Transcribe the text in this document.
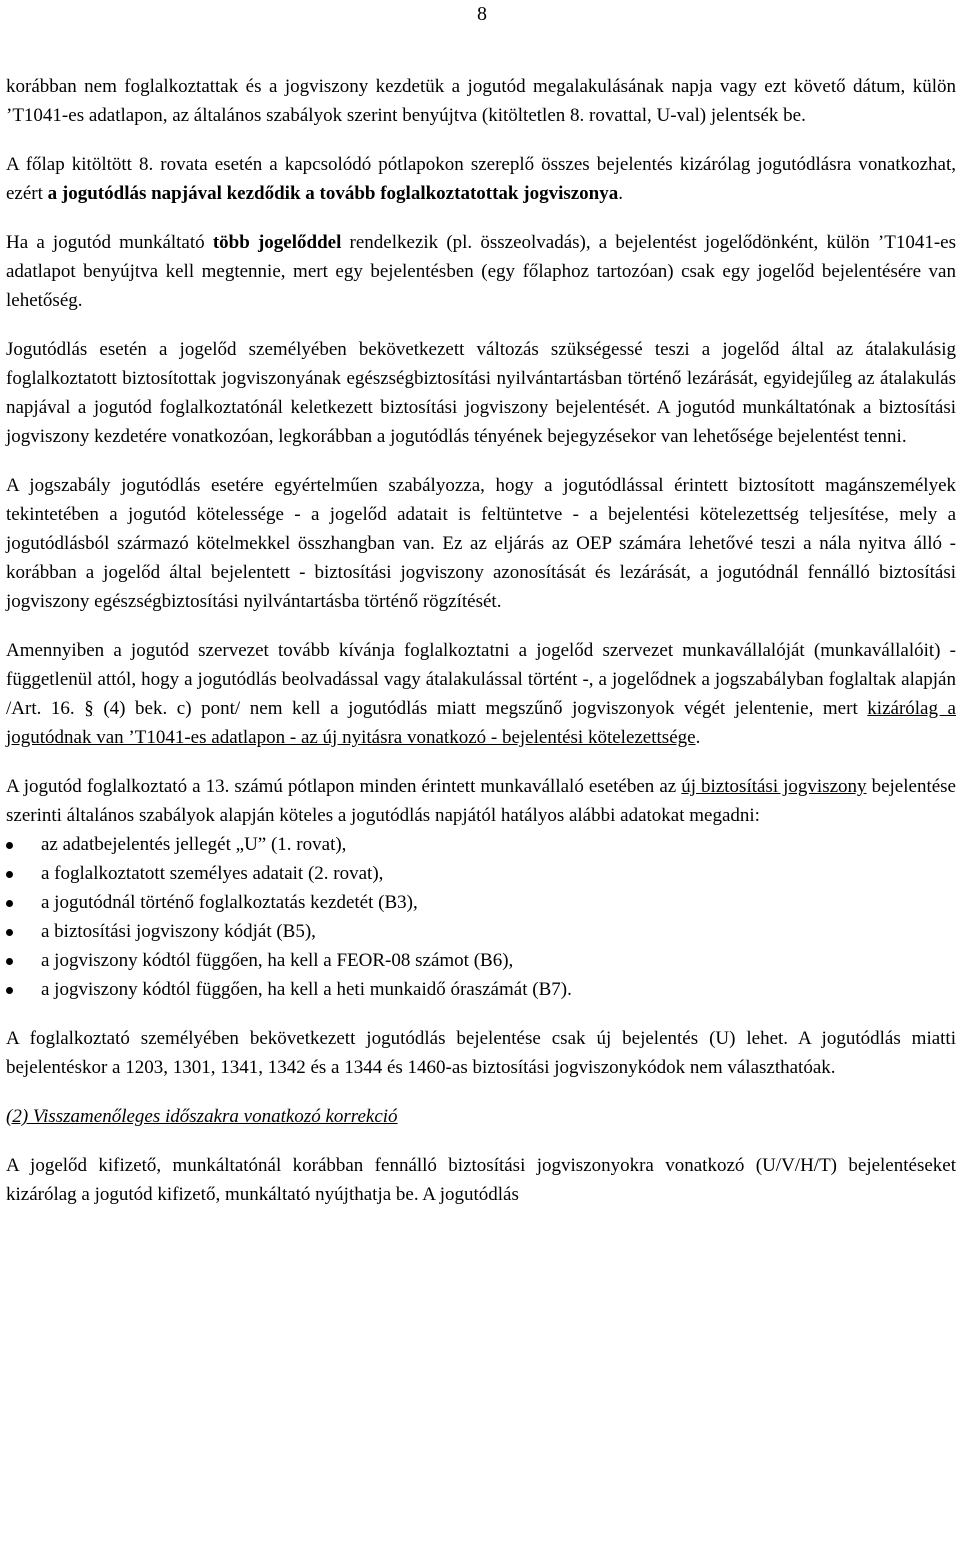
8

korábban nem foglalkoztattak és a jogviszony kezdetük a jogutód megalakulásának napja vagy ezt követő dátum, külön ’T1041-es adatlapon, az általános szabályok szerint benyújtva (kitöltetlen 8. rovattal, U-val) jelentsék be.

A főlap kitöltött 8. rovata esetén a kapcsolódó pótlapokon szereplő összes bejelentés kizárólag jogutódlásra vonatkozhat, ezért a jogutódlás napjával kezdődik a tovább foglalkoztatottak jogviszonya.

Ha a jogutód munkáltató több jogelőddel rendelkezik (pl. összeolvadás), a bejelentést jogelődönként, külön ’T1041-es adatlapot benyújtva kell megtennie, mert egy bejelentésben (egy főlaphoz tartozóan) csak egy jogelőd bejelentésére van lehetőség.

Jogutódlás esetén a jogelőd személyében bekövetkezett változás szükségessé teszi a jogelőd által az átalakulásig foglalkoztatott biztosítottak jogviszonyának egészségbiztosítási nyilvántartásban történő lezárását, egyidejűleg az átalakulás napjával a jogutód foglalkoztatónál keletkezett biztosítási jogviszony bejelentését. A jogutód munkáltatónak a biztosítási jogviszony kezdetére vonatkozóan, legkorábban a jogutódlás tényének bejegyzésekor van lehetősége bejelentést tenni.

A jogszabály jogutódlás esetére egyértelműen szabályozza, hogy a jogutódlással érintett biztosított magánszemélyek tekintetében a jogutód kötelessége - a jogelőd adatait is feltüntetve - a bejelentési kötelezettség teljesítése, mely a jogutódlásból származó kötelmekkel összhangban van. Ez az eljárás az OEP számára lehetővé teszi a nála nyitva álló - korábban a jogelőd által bejelentett - biztosítási jogviszony azonosítását és lezárását, a jogutódnál fennálló biztosítási jogviszony egészségbiztosítási nyilvántartásba történő rögzítését.

Amennyiben a jogutód szervezet tovább kívánja foglalkoztatni a jogelőd szervezet munkavállalóját (munkavállalóit) - függetlenül attól, hogy a jogutódlás beolvadással vagy átalakulással történt -, a jogelődnek a jogszabályban foglaltak alapján /Art. 16. § (4) bek. c) pont/ nem kell a jogutódlás miatt megszűnő jogviszonyok végét jelentenie, mert kizárólag a jogutódnak van ’T1041-es adatlapon - az új nyitásra vonatkozó - bejelentési kötelezettsége.

A jogutód foglalkoztató a 13. számú pótlapon minden érintett munkavállaló esetében az új biztosítási jogviszony bejelentése szerinti általános szabályok alapján köteles a jogutódlás napjától hatályos alábbi adatokat megadni:

az adatbejelentés jellegét „U” (1. rovat),
a foglalkoztatott személyes adatait (2. rovat),
a jogutódnál történő foglalkoztatás kezdetét (B3),
a biztosítási jogviszony kódját (B5),
a jogviszony kódtól függően, ha kell a FEOR-08 számot (B6),
a jogviszony kódtól függően, ha kell a heti munkaidő óraszámát (B7).

A foglalkoztató személyében bekövetkezett jogutódlás bejelentése csak új bejelentés (U) lehet. A jogutódlás miatti bejelentéskor a 1203, 1301, 1341, 1342 és a 1344 és 1460-as biztosítási jogviszonykódok nem választhatóak.

(2) Visszamenőleges időszakra vonatkozó korrekció

A jogelőd kifizető, munkáltatónál korábban fennálló biztosítási jogviszonyokra vonatkozó (U/V/H/T) bejelentéseket kizárólag a jogutód kifizető, munkáltató nyújthatja be. A jogutódlás
